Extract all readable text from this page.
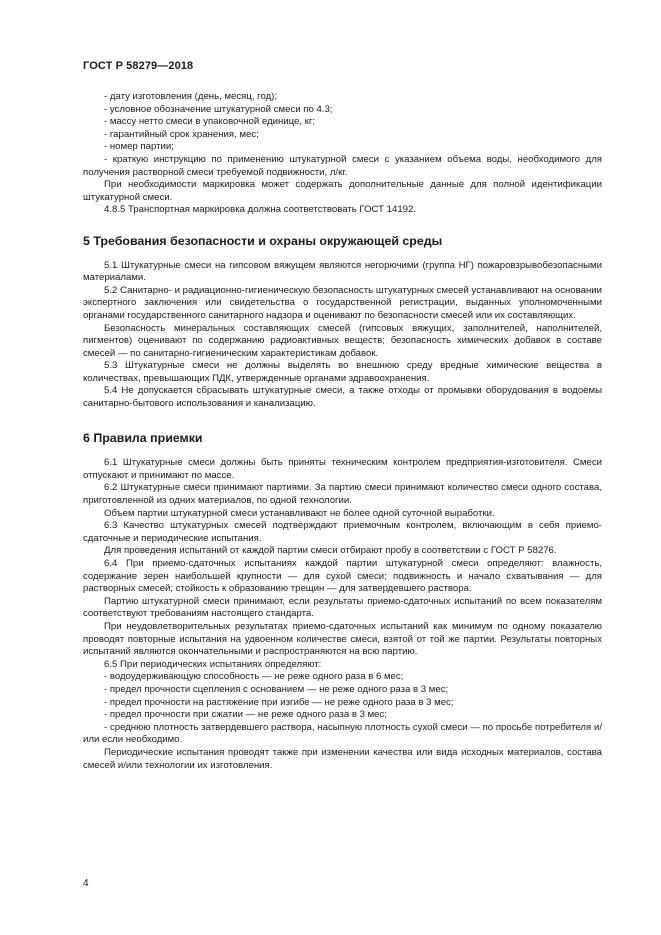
ГОСТ Р 58279—2018

- дату изготовления (день, месяц, год);

- условное обозначение штукатурной смеси по 4.3;

- массу нетто смеси в упаковочной единице, кг;

- гарантийный срок хранения, мес;

- номер партии;

- краткую инструкцию по применению штукатурной смеси с указанием объема воды, необходимого для получения растворной смеси требуемой подвижности, л/кг.

При необходимости маркировка может содержать дополнительные данные для полной идентификации штукатурной смеси.

4.8.5 Транспортная маркировка должна соответствовать ГОСТ 14192.

5 Требования безопасности и охраны окружающей среды

5.1 Штукатурные смеси на гипсовом вяжущем являются негорючими (группа НГ) пожаровзрывобезопасными материалами.

5.2 Санитарно- и радиационно-гигиеническую безопасность штукатурных смесей устанавливают на основании экспертного заключения или свидетельства о государственной регистрации, выданных уполномоченными органами государственного санитарного надзора и оценивают по безопасности смесей или их составляющих.

Безопасность минеральных составляющих смесей (гипсовых вяжущих, заполнителей, наполнителей, пигментов) оценивают по содержанию радиоактивных веществ; безопасность химических добавок в составе смесей — по санитарно-гигиеническим характеристикам добавок.

5.3 Штукатурные смеси не должны выделять во внешнюю среду вредные химические вещества в количествах, превышающих ПДК, утвержденные органами здравоохранения.

5.4 Не допускается сбрасывать штукатурные смеси, а также отходы от промывки оборудования в водоемы санитарно-бытового использования и канализацию.

6 Правила приемки

6.1 Штукатурные смеси должны быть приняты техническим контролем предприятия-изготовителя. Смеси отпускают и принимают по массе.

6.2 Штукатурные смеси принимают партиями. За партию смеси принимают количество смеси одного состава, приготовленной из одних материалов, по одной технологии.

Объем партии штукатурной смеси устанавливают не более одной суточной выработки.

6.3 Качество штукатурных смесей подтверждают приемочным контролем, включающим в себя приемо-сдаточные и периодические испытания.

Для проведения испытаний от каждой партии смеси отбирают пробу в соответствии с ГОСТ Р 58276.

6.4 При приемо-сдаточных испытаниях каждой партии штукатурной смеси определяют: влажность, содержание зерен наибольшей крупности — для сухой смеси; подвижность и начало схватывания — для растворных смесей; стойкость к образованию трещин — для затвердевшего раствора.

Партию штукатурной смеси принимают, если результаты приемо-сдаточных испытаний по всем показателям соответствуют требованиям настоящего стандарта.

При неудовлетворительных результатах приемо-сдаточных испытаний как минимум по одному показателю проводят повторные испытания на удвоенном количестве смеси, взятой от той же партии. Результаты повторных испытаний являются окончательными и распространяются на всю партию.

6.5 При периодических испытаниях определяют:

- водоудерживающую способность — не реже одного раза в 6 мес;

- предел прочности сцепления с основанием — не реже одного раза в 3 мес;

- предел прочности на растяжение при изгибе — не реже одного раза в 3 мес;

- предел прочности при сжатии — не реже одного раза в 3 мес;

- среднюю плотность затвердевшего раствора, насыпную плотность сухой смеси — по просьбе потребителя и/или если необходимо.

Периодические испытания проводят также при изменении качества или вида исходных материалов, состава смесей и/или технологии их изготовления.

4
